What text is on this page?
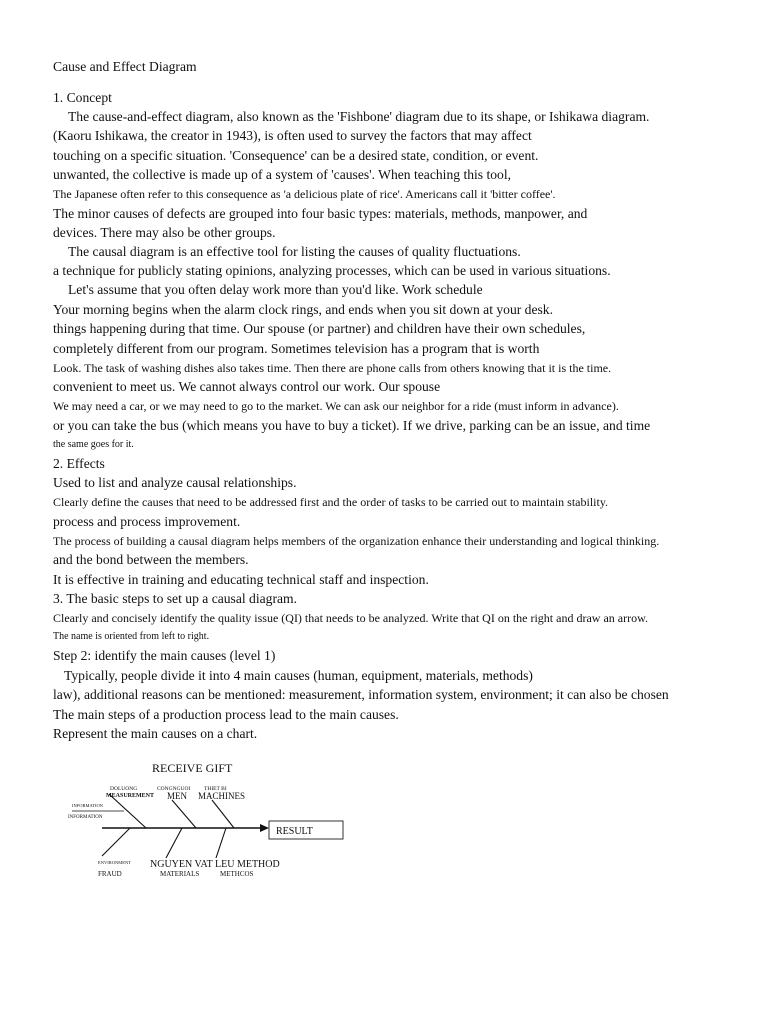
Cause and Effect Diagram
1. Concept
The cause-and-effect diagram, also known as the 'Fishbone' diagram due to its shape, or Ishikawa diagram.
(Kaoru Ishikawa, the creator in 1943), is often used to survey the factors that may affect
touching on a specific situation. 'Consequence' can be a desired state, condition, or event.
unwanted, the collective is made up of a system of 'causes'. When teaching this tool,
The Japanese often refer to this consequence as 'a delicious plate of rice'. Americans call it 'bitter coffee'.
The minor causes of defects are grouped into four basic types: materials, methods, manpower, and
devices. There may also be other groups.
The causal diagram is an effective tool for listing the causes of quality fluctuations.
a technique for publicly stating opinions, analyzing processes, which can be used in various situations.
Let's assume that you often delay work more than you'd like. Work schedule
Your morning begins when the alarm clock rings, and ends when you sit down at your desk.
things happening during that time. Our spouse (or partner) and children have their own schedules,
completely different from our program. Sometimes television has a program that is worth
Look. The task of washing dishes also takes time. Then there are phone calls from others knowing that it is the time.
convenient to meet us. We cannot always control our work. Our spouse
We may need a car, or we may need to go to the market. We can ask our neighbor for a ride (must inform in advance).
or you can take the bus (which means you have to buy a ticket). If we drive, parking can be an issue, and time
the same goes for it.
2. Effects
Used to list and analyze causal relationships.
Clearly define the causes that need to be addressed first and the order of tasks to be carried out to maintain stability.
process and process improvement.
The process of building a causal diagram helps members of the organization enhance their understanding and logical thinking.
and the bond between the members.
It is effective in training and educating technical staff and inspection.
3. The basic steps to set up a causal diagram.
Clearly and concisely identify the quality issue (QI) that needs to be analyzed. Write that QI on the right and draw an arrow.
The name is oriented from left to right.
Step 2: identify the main causes (level 1)
Typically, people divide it into 4 main causes (human, equipment, materials, methods)
law), additional reasons can be mentioned: measurement, information system, environment; it can also be chosen
The main steps of a production process lead to the main causes.
Represent the main causes on a chart.
RESULT
RECEIVE GIFT
DOLUONG	CONGNGUOI THIET BI
MEASUREMENT MEN MACHINES
INFORMATION
INFORMATION
ENVIRONMENT NGUYEN VAT LEU METHOD
FRAUD	MATERIALS	METHCOS
